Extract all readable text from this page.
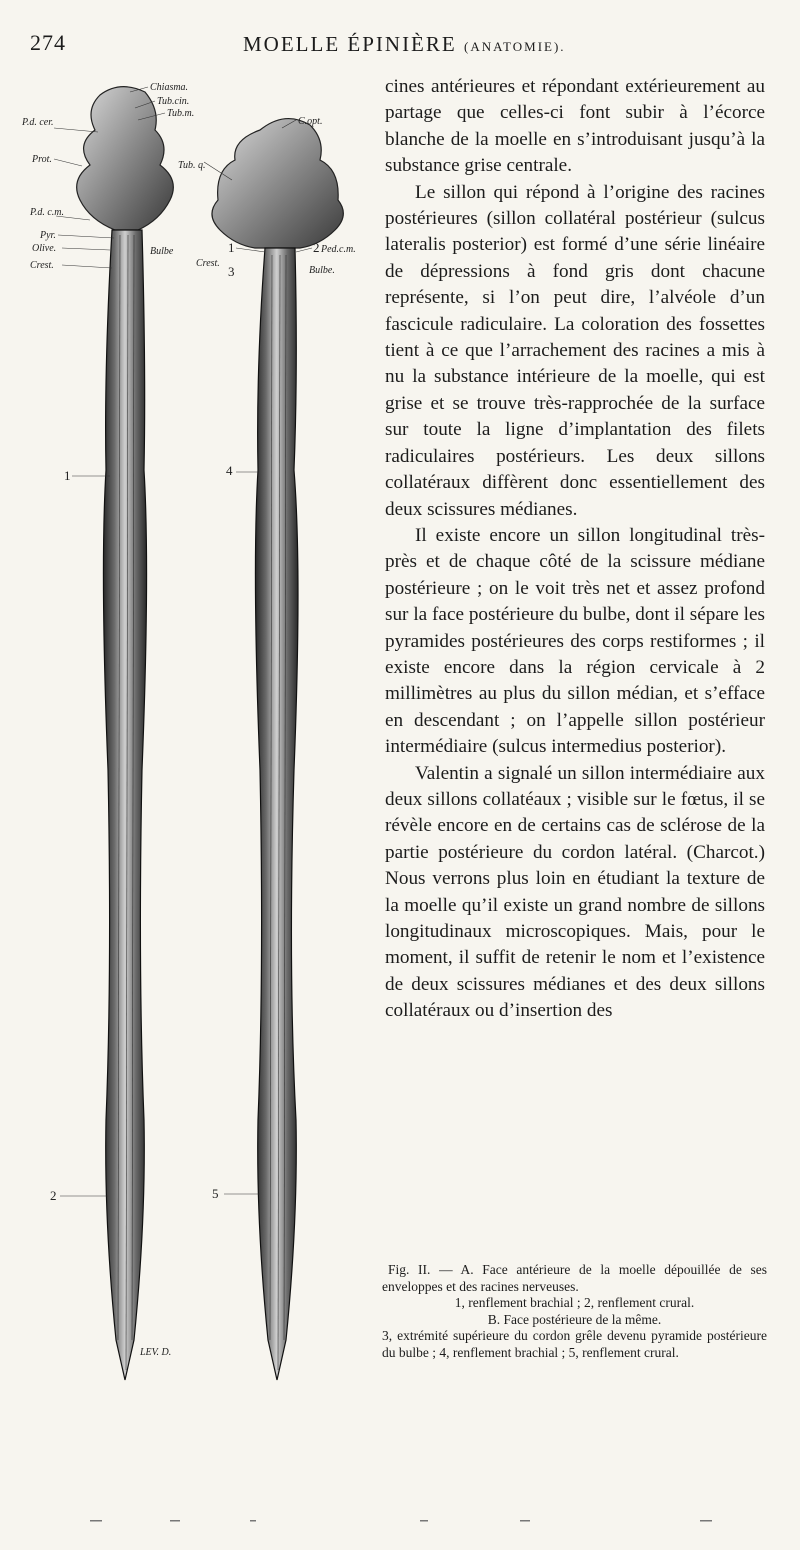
274	MOELLE ÉPINIÈRE (ANATOMIE).
Chiasma.
Tub.cin.
Tub.m.
P.d. cer.
Prot.
P.d. c.m.
Pyr.
Olive.
Crest.
Bulbe
1
2
LEV. D.
C.opt.
Tub. q.
1	2 Ped.c.m.
Crest.
3	Bulbe.
4
5

cines antérieures et répondant extérieurement au partage que celles-ci font subir à l’écorce blanche de la moelle en s’introduisant jusqu’à la substance grise centrale.

Le sillon qui répond à l’origine des racines postérieures (sillon collatéral postérieur (sulcus lateralis posterior) est formé d’une série linéaire de dépressions à fond gris dont chacune représente, si l’on peut dire, l’alvéole d’un fascicule radiculaire. La coloration des fossettes tient à ce que l’arrachement des racines a mis à nu la substance intérieure de la moelle, qui est grise et se trouve très-rapprochée de la surface sur toute la ligne d’implantation des filets radiculaires postérieurs. Les deux sillons collatéraux diffèrent donc essentiellement des deux scissures médianes.

Il existe encore un sillon longitudinal très-près et de chaque côté de la scissure médiane postérieure ; on le voit très net et assez profond sur la face postérieure du bulbe, dont il sépare les pyramides postérieures des corps restiformes ; il existe encore dans la région cervicale à 2 millimètres au plus du sillon médian, et s’efface en descendant ; on l’appelle sillon postérieur intermédiaire (sulcus intermedius posterior).

Valentin a signalé un sillon intermédiaire aux deux sillons collatéaux ; visible sur le fœtus, il se révèle encore en de certains cas de sclérose de la partie postérieure du cordon latéral. (Charcot.) Nous verrons plus loin en étudiant la texture de la moelle qu’il existe un grand nombre de sillons longitudinaux microscopiques. Mais, pour le moment, il suffit de retenir le nom et l’existence de deux scissures médianes et des deux sillons collatéraux ou d’insertion des

Fig. II. — A. Face antérieure de la moelle dépouillée de ses enveloppes et des racines nerveuses.

1, renflement brachial ; 2, renflement crural.

B. Face postérieure de la même.

3, extrémité supérieure du cordon grêle devenu pyramide postérieure du bulbe ; 4, renflement brachial ; 5, renflement crural.
